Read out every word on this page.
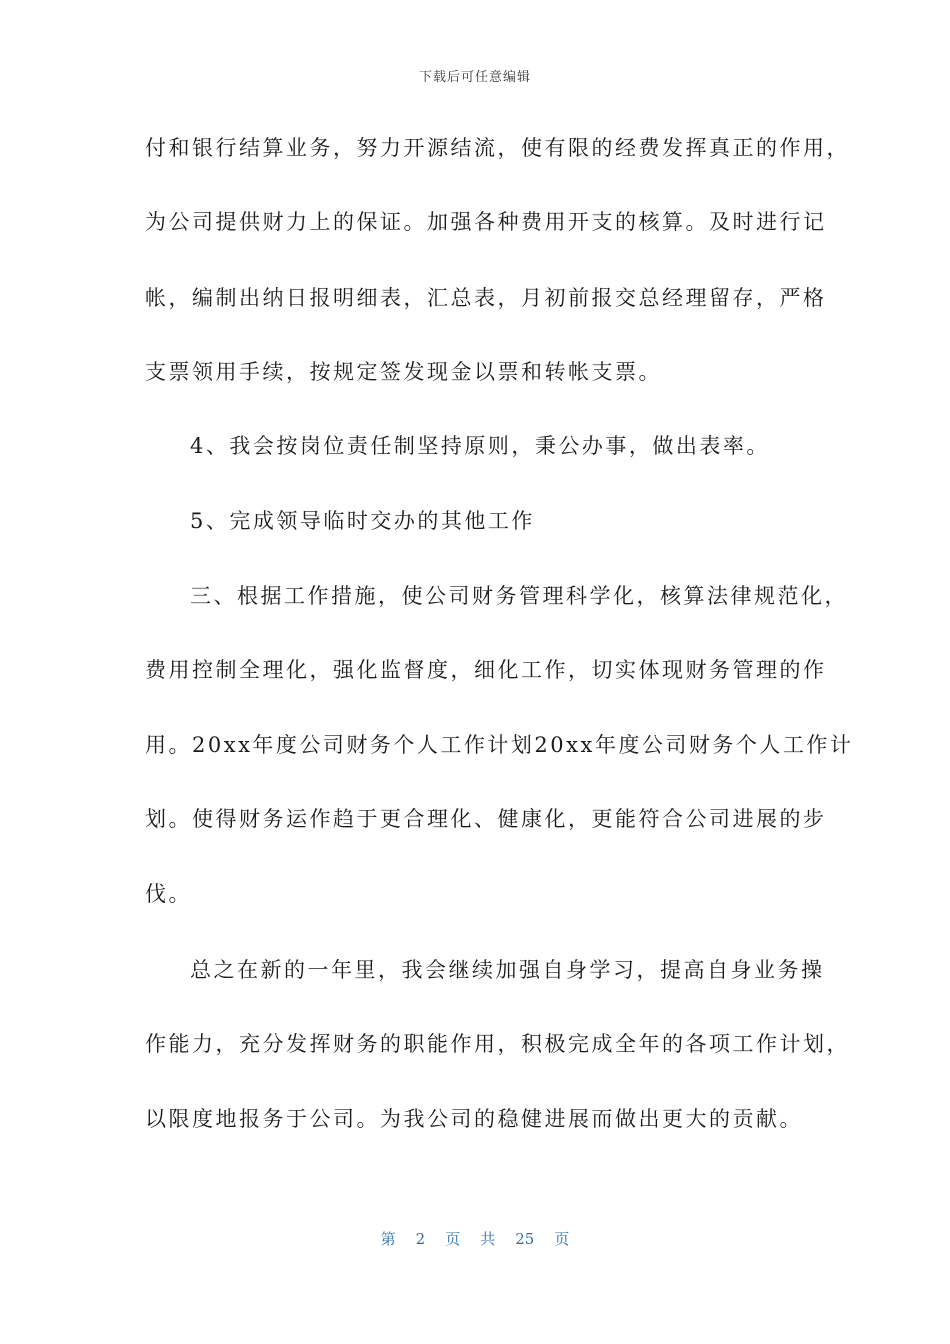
下载后可任意编辑
付和银行结算业务，努力开源结流，使有限的经费发挥真正的作用，
为公司提供财力上的保证。加强各种费用开支的核算。及时进行记
帐，编制出纳日报明细表，汇总表，月初前报交总经理留存，严格
支票领用手续，按规定签发现金以票和转帐支票。
4、我会按岗位责任制坚持原则，秉公办事，做出表率。
5、完成领导临时交办的其他工作
三、根据工作措施，使公司财务管理科学化，核算法律规范化，
费用控制全理化，强化监督度，细化工作，切实体现财务管理的作
用。20xx年度公司财务个人工作计划20xx年度公司财务个人工作计
划。使得财务运作趋于更合理化、健康化，更能符合公司进展的步
伐。
总之在新的一年里，我会继续加强自身学习，提高自身业务操
作能力，充分发挥财务的职能作用，积极完成全年的各项工作计划，
以限度地报务于公司。为我公司的稳健进展而做出更大的贡献。
第 2 页 共 25 页
